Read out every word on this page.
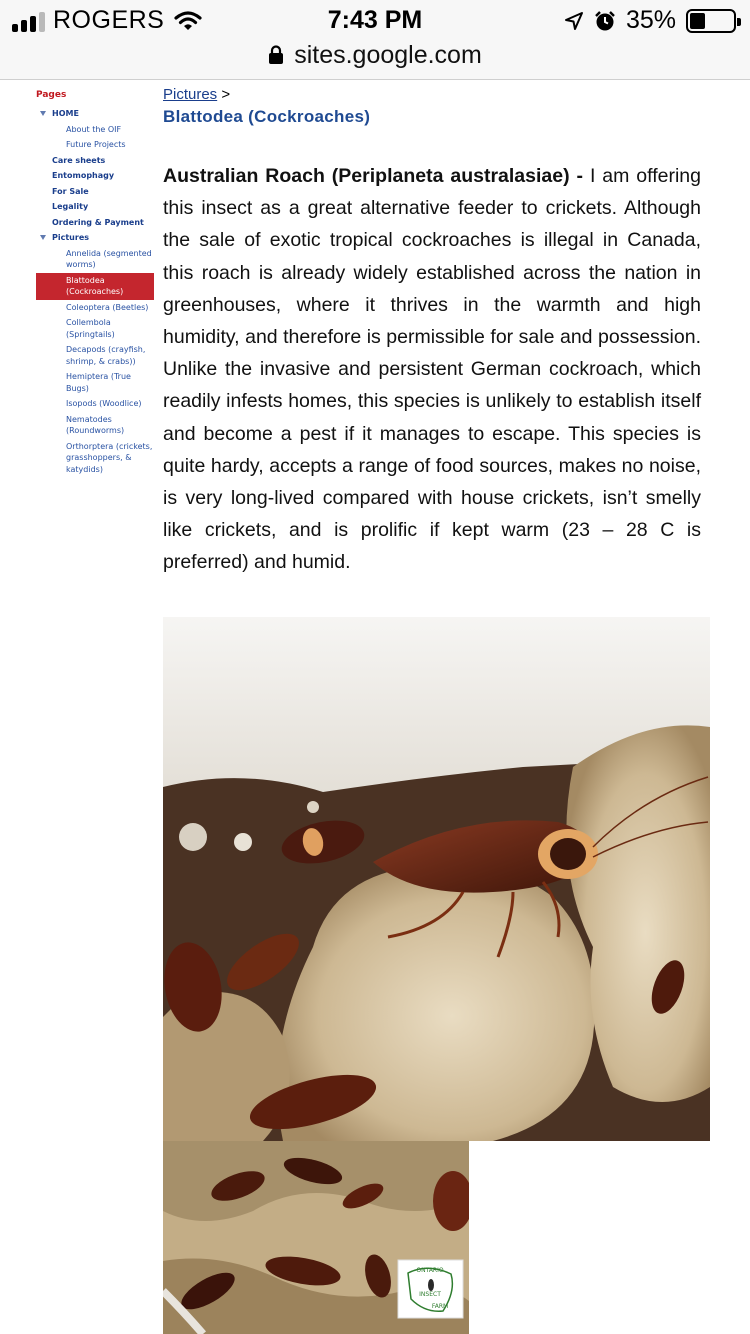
ROGERS	7:43 PM	35%
sites.google.com
Pages
HOME
About the OIF
Future Projects
Care sheets
Entomophagy
For Sale
Legality
Ordering & Payment
Pictures
Annelida (segmented worms)
Blattodea (Cockroaches)
Coleoptera (Beetles)
Collembola (Springtails)
Decapods (crayfish, shrimp, & crabs))
Hemiptera (True Bugs)
Isopods (Woodlice)
Nematodes (Roundworms)
Orthorptera (crickets, grasshoppers, & katydids)
Pictures >
Blattodea (Cockroaches)
Australian Roach (Periplaneta australasiae) - I am offering this insect as a great alternative feeder to crickets. Although the sale of exotic tropical cockroaches is illegal in Canada, this roach is already widely established across the nation in greenhouses, where it thrives in the warmth and high humidity, and therefore is permissible for sale and possession. Unlike the invasive and persistent German cockroach, which readily infests homes, this species is unlikely to establish itself and become a pest if it manages to escape. This species is quite hardy, accepts a range of food sources, makes no noise, is very long-lived compared with house crickets, isn’t smelly like crickets, and is prolific if kept warm (23 – 28 C is preferred) and humid.
ONTARIO
INSECT
FARM
